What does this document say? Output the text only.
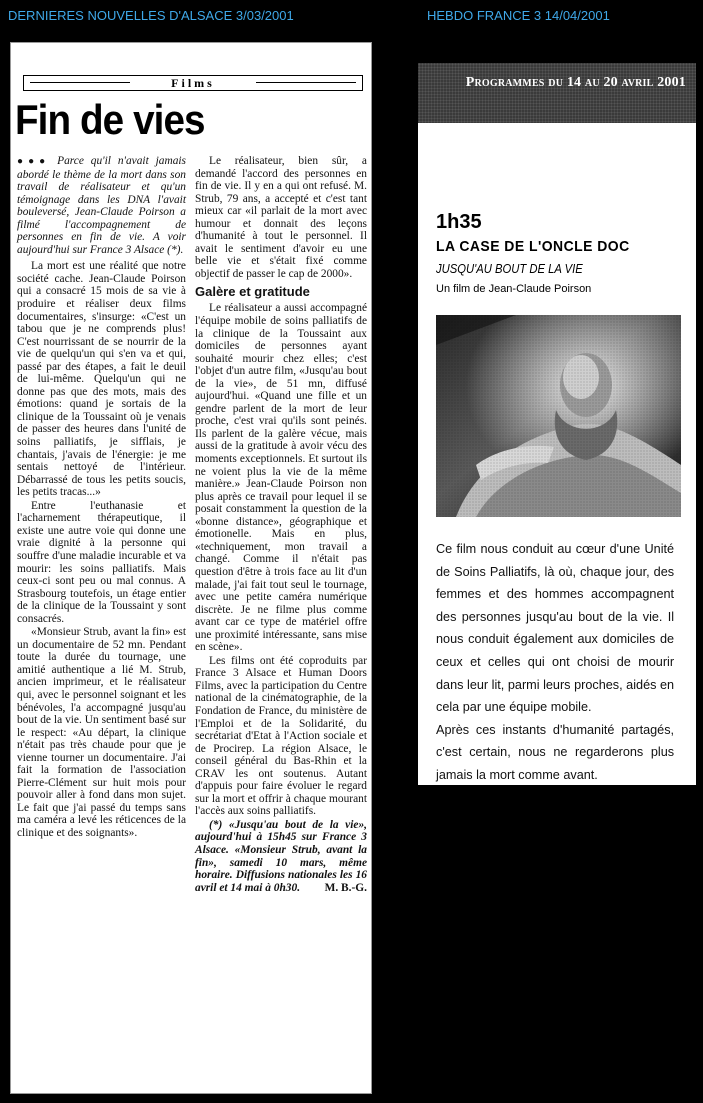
DERNIERES NOUVELLES D'ALSACE 3/03/2001	HEBDO FRANCE 3 14/04/2001
Films
Fin de vies

●●● Parce qu'il n'avait jamais abordé le thème de la mort dans son travail de réalisateur et qu'un témoignage dans les DNA l'avait bouleversé, Jean-Claude Poirson a filmé l'accompagnement de personnes en fin de vie. A voir aujourd'hui sur France 3 Alsace (*).

La mort est une réalité que notre société cache. Jean-Claude Poirson qui a consacré 15 mois de sa vie à produire et réaliser deux films documentaires, s'insurge: «C'est un tabou que je ne comprends plus! C'est nourrissant de se nourrir de la vie de quelqu'un qui s'en va et qui, passé par des étapes, a fait le deuil de lui-même. Quelqu'un qui ne donne pas que des mots, mais des émotions: quand je sortais de la clinique de la Toussaint où je venais de passer des heures dans l'unité de soins palliatifs, je sifflais, je chantais, j'avais de l'énergie: je me sentais nettoyé de l'intérieur. Débarrassé de tous les petits soucis, les petits tracas...»

Entre l'euthanasie et l'acharnement thérapeutique, il existe une autre voie qui donne une vraie dignité à la personne qui souffre d'une maladie incurable et va mourir: les soins palliatifs. Mais ceux-ci sont peu ou mal connus. A Strasbourg toutefois, un étage entier de la clinique de la Toussaint y sont consacrés.

«Monsieur Strub, avant la fin» est un documentaire de 52 mn. Pendant toute la durée du tournage, une amitié authentique a lié M. Strub, ancien imprimeur, et le réalisateur qui, avec le personnel soignant et les bénévoles, l'a accompagné jusqu'au bout de la vie. Un sentiment basé sur le respect: «Au départ, la clinique n'était pas très chaude pour que je vienne tourner un documentaire. J'ai fait la formation de l'association Pierre-Clément sur huit mois pour pouvoir aller à fond dans mon sujet. Le fait que j'ai passé du temps sans ma caméra a levé les réticences de la clinique et des soignants».

Le réalisateur, bien sûr, a demandé l'accord des personnes en fin de vie. Il y en a qui ont refusé. M. Strub, 79 ans, a accepté et c'est tant mieux car «il parlait de la mort avec humour et donnait des leçons d'humanité à tout le personnel. Il avait le sentiment d'avoir eu une belle vie et s'était fixé comme objectif de passer le cap de 2000».

Galère et gratitude

Le réalisateur a aussi accompagné l'équipe mobile de soins palliatifs de la clinique de la Toussaint aux domiciles de personnes ayant souhaité mourir chez elles; c'est l'objet d'un autre film, «Jusqu'au bout de la vie», de 51 mn, diffusé aujourd'hui. «Quand une fille et un gendre parlent de la mort de leur proche, c'est vrai qu'ils sont peinés. Ils parlent de la galère vécue, mais aussi de la gratitude à avoir vécu des moments exceptionnels. Et surtout ils ne voient plus la vie de la même manière.» Jean-Claude Poirson non plus après ce travail pour lequel il se posait constamment la question de la «bonne distance», géographique et émotionelle. Mais en plus, «techniquement, mon travail a changé. Comme il n'était pas question d'être à trois face au lit d'un malade, j'ai fait tout seul le tournage, avec une petite caméra numérique discrète. Je ne filme plus comme avant car ce type de matériel offre une proximité intéressante, sans mise en scène».

Les films ont été coproduits par France 3 Alsace et Human Doors Films, avec la participation du Centre national de la cinématographie, de la Fondation de France, du ministère de l'Emploi et de la Solidarité, du secrétariat d'Etat à l'Action sociale et de Procirep. La région Alsace, le conseil général du Bas-Rhin et la CRAV les ont soutenus. Autant d'appuis pour faire évoluer le regard sur la mort et offrir à chaque mourant l'accès aux soins palliatifs.

(*) «Jusqu'au bout de la vie», aujourd'hui à 15h45 sur France 3 Alsace. «Monsieur Strub, avant la fin», samedi 10 mars, même horaire. Diffusions nationales les 16 avril et 14 mai à 0h30.	M. B.-G.

Programmes du 14 au 20 avril 2001
1h35
LA CASE DE L'ONCLE DOC
JUSQU'AU BOUT DE LA VIE
Un film de Jean-Claude Poirson

Ce film nous conduit au cœur d'une Unité de Soins Palliatifs, là où, chaque jour, des femmes et des hommes accompagnent des personnes jusqu'au bout de la vie. Il nous conduit également aux domiciles de ceux et celles qui ont choisi de mourir dans leur lit, parmi leurs proches, aidés en cela par une équipe mobile.

Après ces instants d'humanité partagés, c'est certain, nous ne regarderons plus jamais la mort comme avant.
